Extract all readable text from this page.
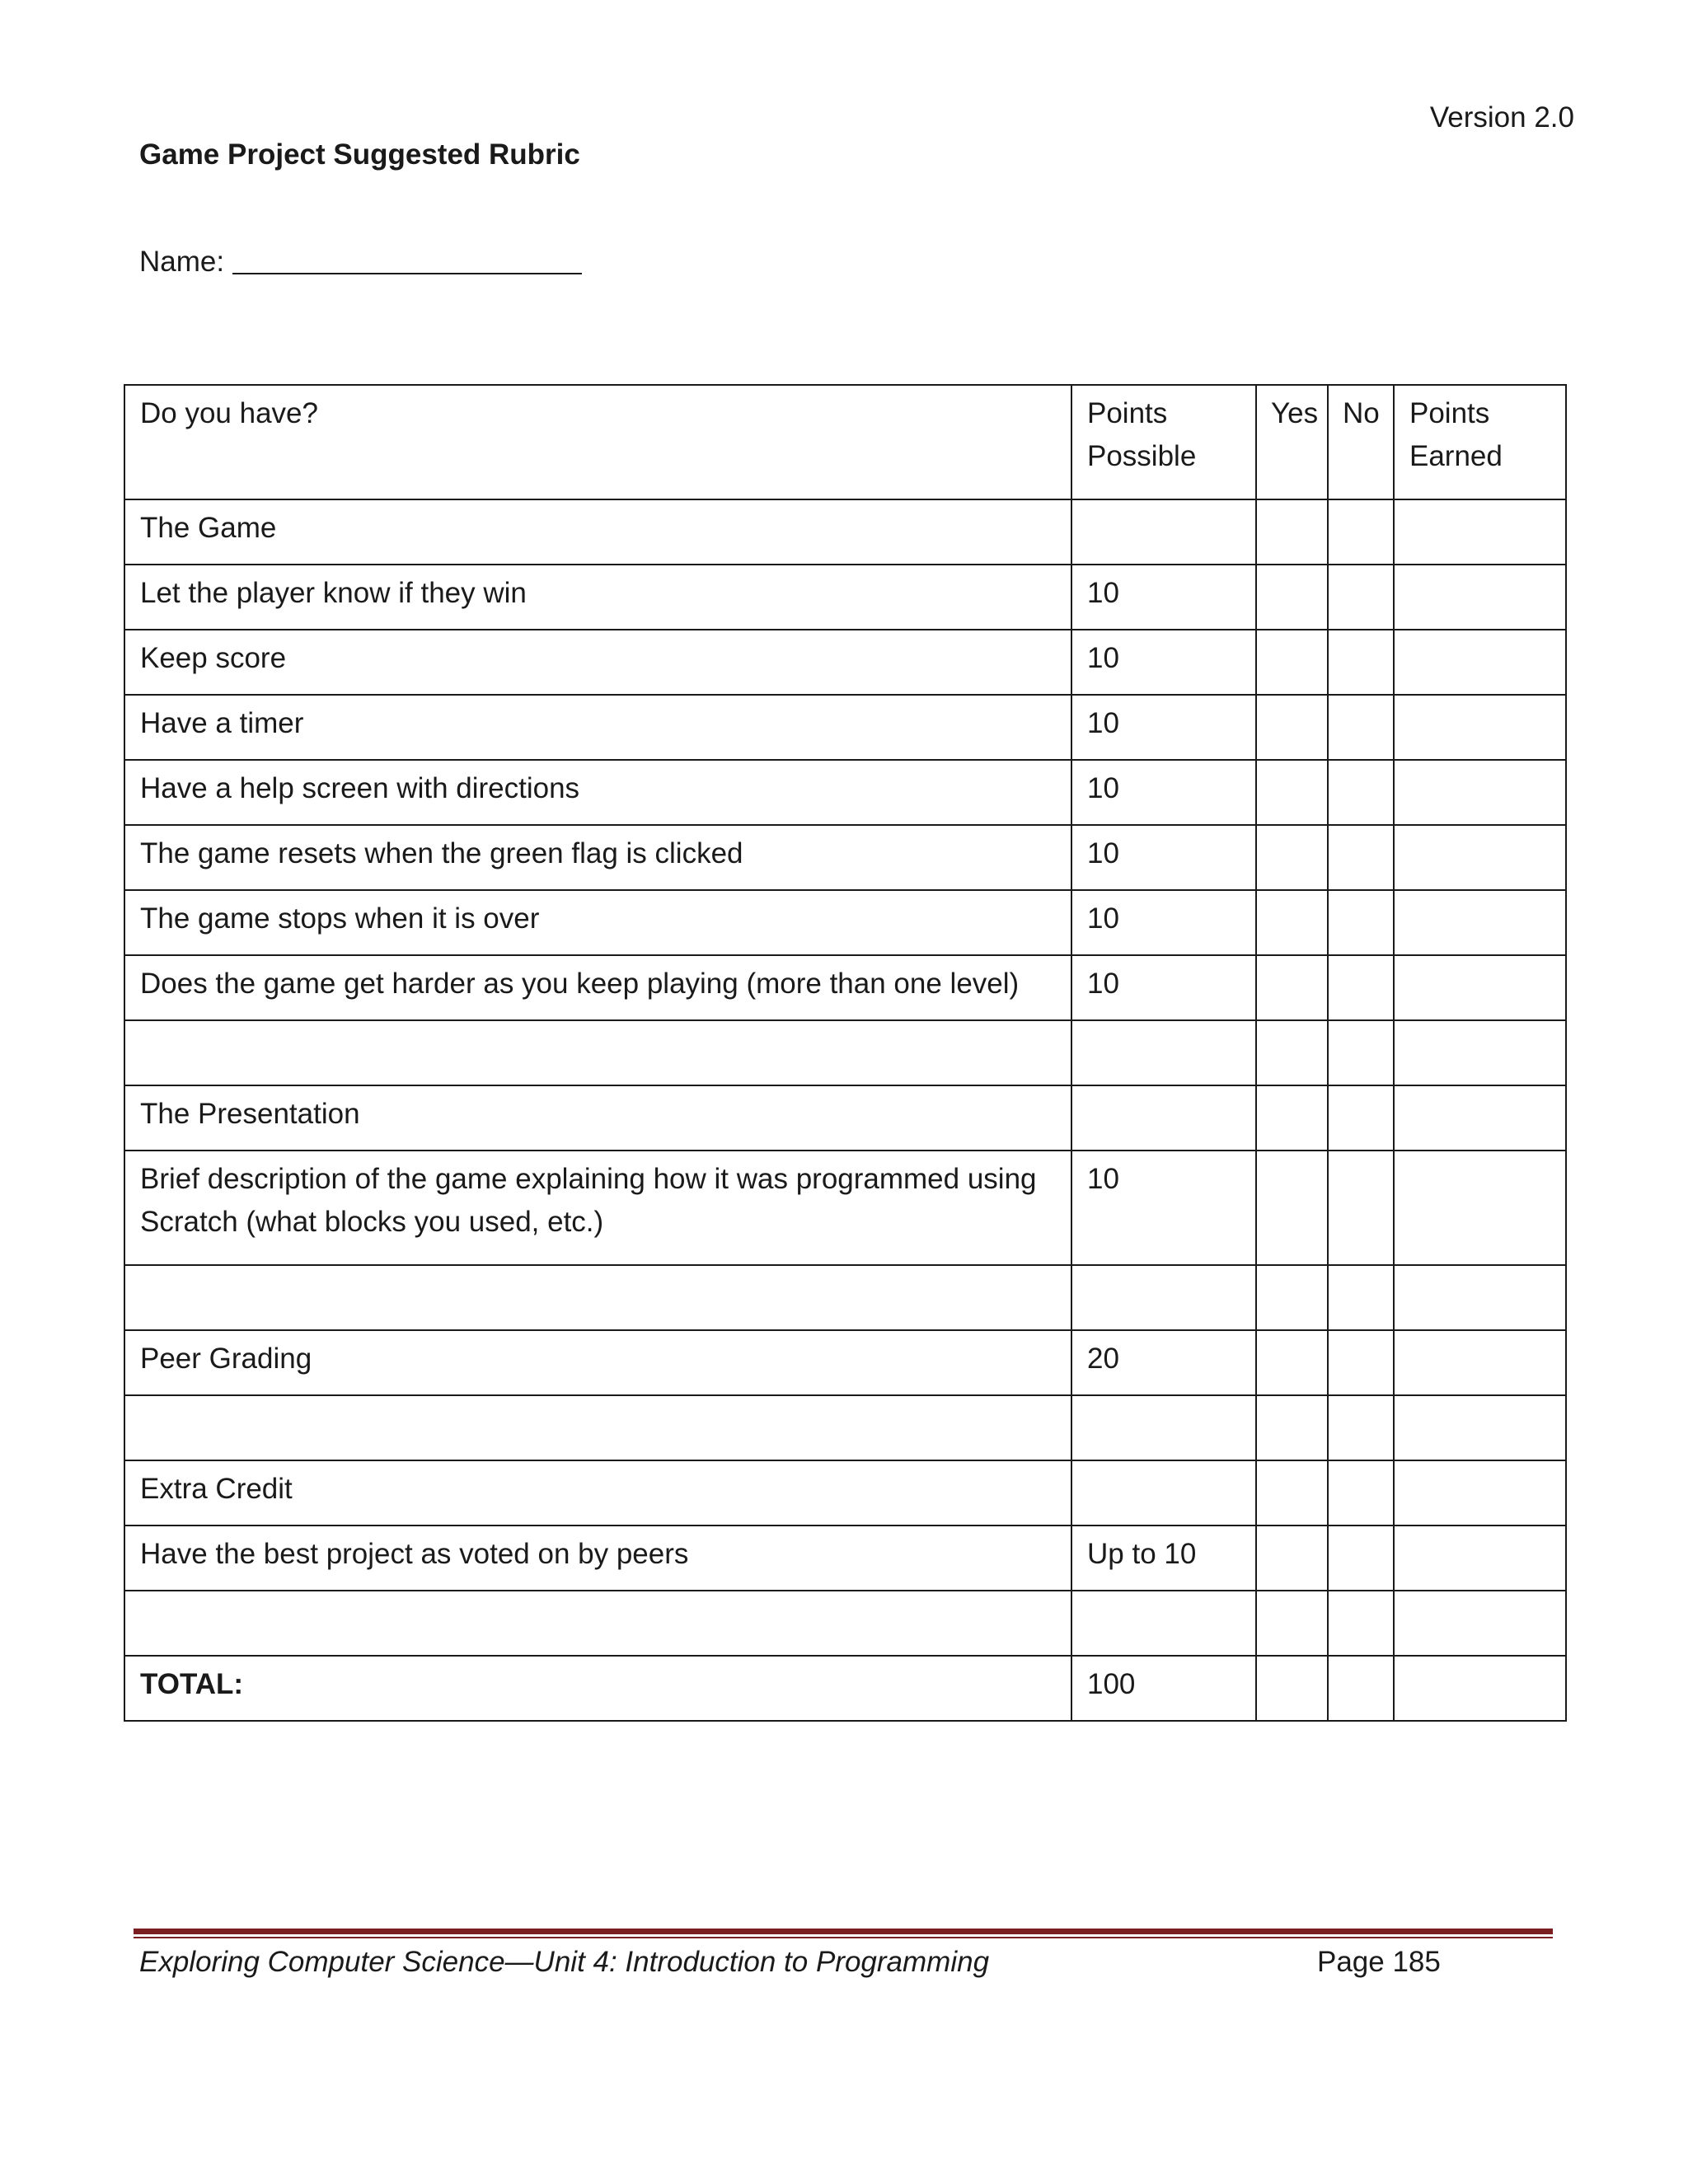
Version 2.0
Game Project Suggested Rubric
Name:
Do you have?	Points Possible	Yes	No	Points Earned
The Game				
Let the player know if they win	10			
Keep score	10			
Have a timer	10			
Have a help screen with directions	10			
The game resets when the green flag is clicked	10			
The game stops when it is over	10			
Does the game get harder as you keep playing (more than one level)	10			

The Presentation				
Brief description of the game explaining how it was programmed using Scratch (what blocks you used, etc.)	10			

Peer Grading	20			

Extra Credit				
Have the best project as voted on by peers	Up to 10			

TOTAL:	100			
Exploring Computer Science—Unit 4: Introduction to Programming	Page 185
